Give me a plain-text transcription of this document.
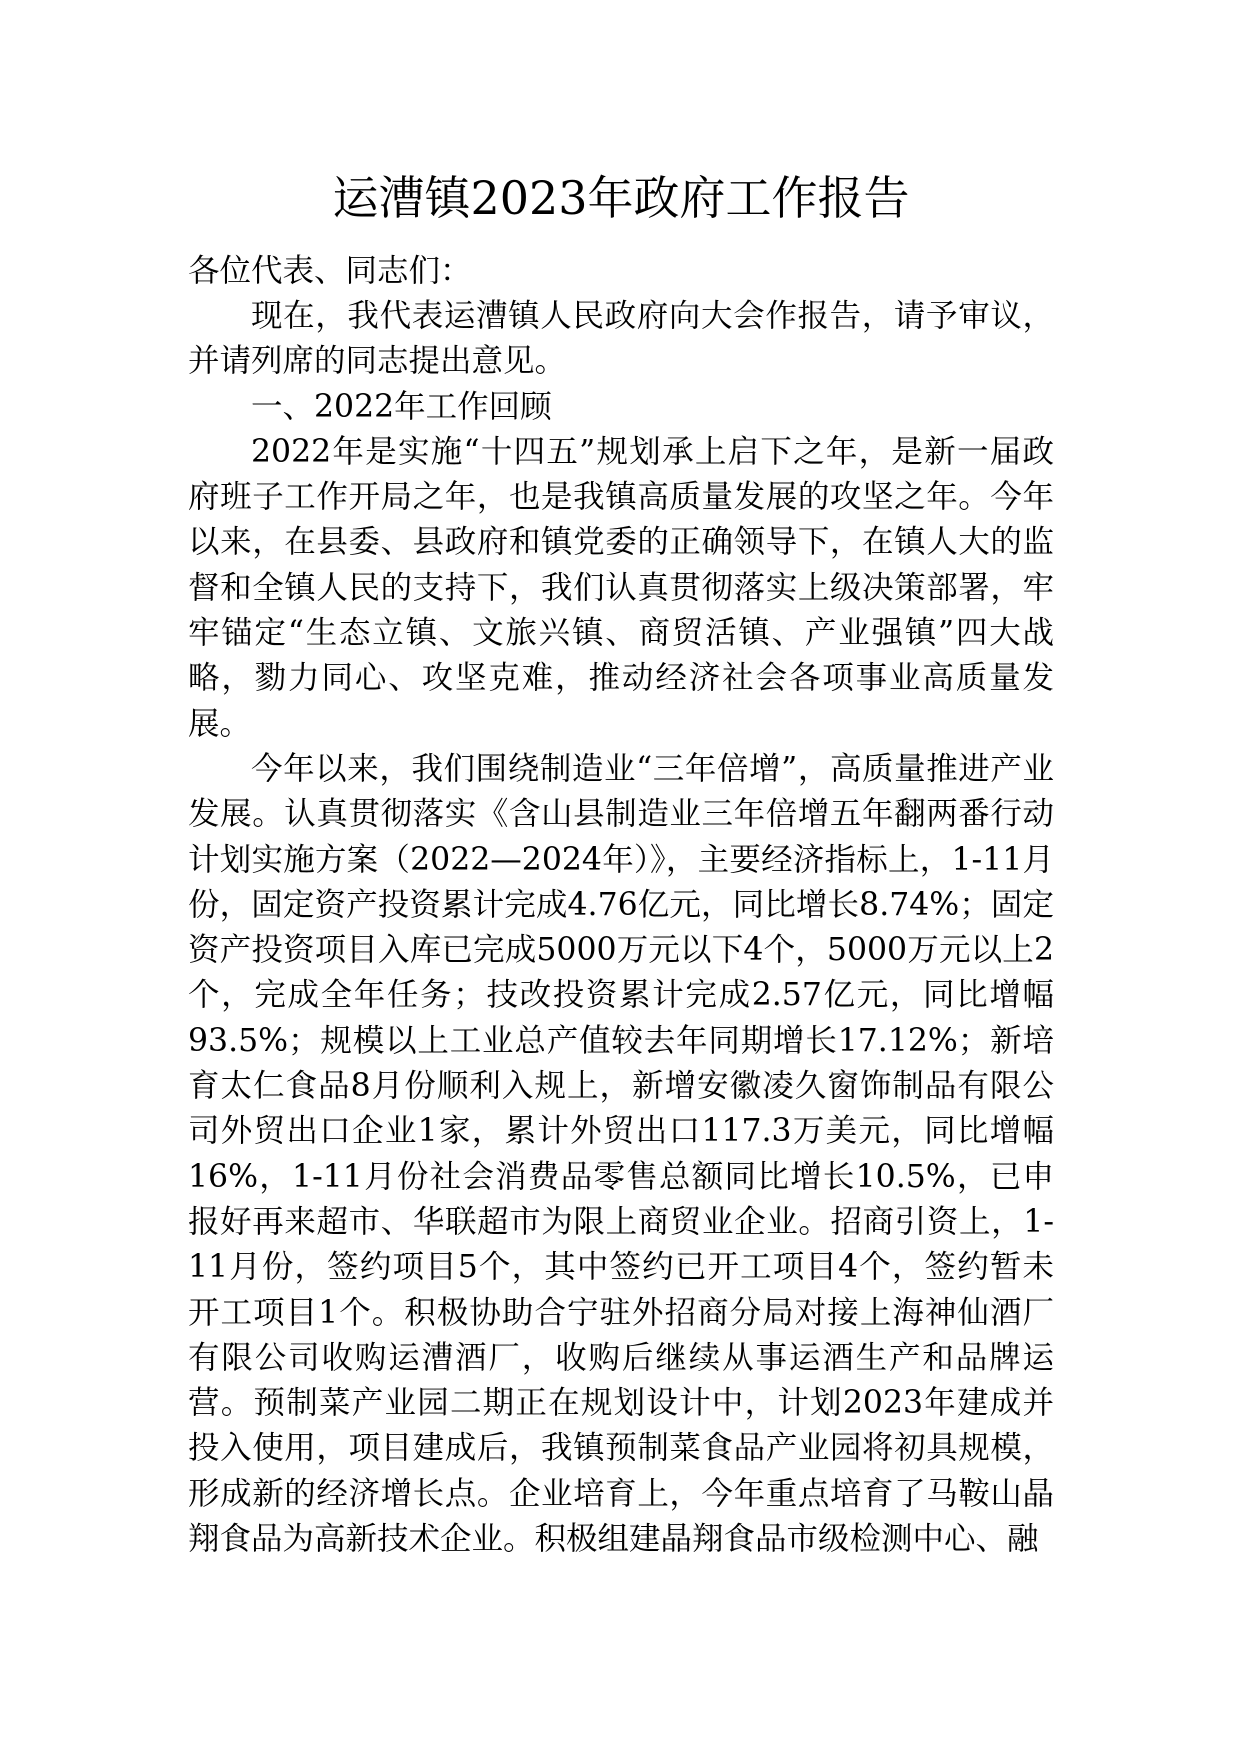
运漕镇2023年政府工作报告

各位代表、同志们：

现在，我代表运漕镇人民政府向大会作报告，请予审议，并请列席的同志提出意见。

一、2022年工作回顾

2022年是实施“十四五”规划承上启下之年，是新一届政府班子工作开局之年，也是我镇高质量发展的攻坚之年。今年以来，在县委、县政府和镇党委的正确领导下，在镇人大的监督和全镇人民的支持下，我们认真贯彻落实上级决策部署，牢牢锚定“生态立镇、文旅兴镇、商贸活镇、产业强镇”四大战略，勠力同心、攻坚克难，推动经济社会各项事业高质量发展。

今年以来，我们围绕制造业“三年倍增”，高质量推进产业发展。认真贯彻落实《含山县制造业三年倍增五年翻两番行动计划实施方案（2022—2024年）》，主要经济指标上，1-11月份，固定资产投资累计完成4.76亿元，同比增长8.74%；固定资产投资项目入库已完成5000万元以下4个，5000万元以上2个，完成全年任务；技改投资累计完成2.57亿元，同比增幅93.5%；规模以上工业总产值较去年同期增长17.12%；新培育太仁食品8月份顺利入规上，新增安徽凌久窗饰制品有限公司外贸出口企业1家，累计外贸出口117.3万美元，同比增幅16%，1-11月份社会消费品零售总额同比增长10.5%，已申报好再来超市、华联超市为限上商贸业企业。招商引资上，1-11月份，签约项目5个，其中签约已开工项目4个，签约暂未开工项目1个。积极协助合宁驻外招商分局对接上海神仙酒厂有限公司收购运漕酒厂，收购后继续从事运酒生产和品牌运营。预制菜产业园二期正在规划设计中，计划2023年建成并投入使用，项目建成后，我镇预制菜食品产业园将初具规模，形成新的经济增长点。企业培育上，今年重点培育了马鞍山晶翔食品为高新技术企业。积极组建晶翔食品市级检测中心、融
